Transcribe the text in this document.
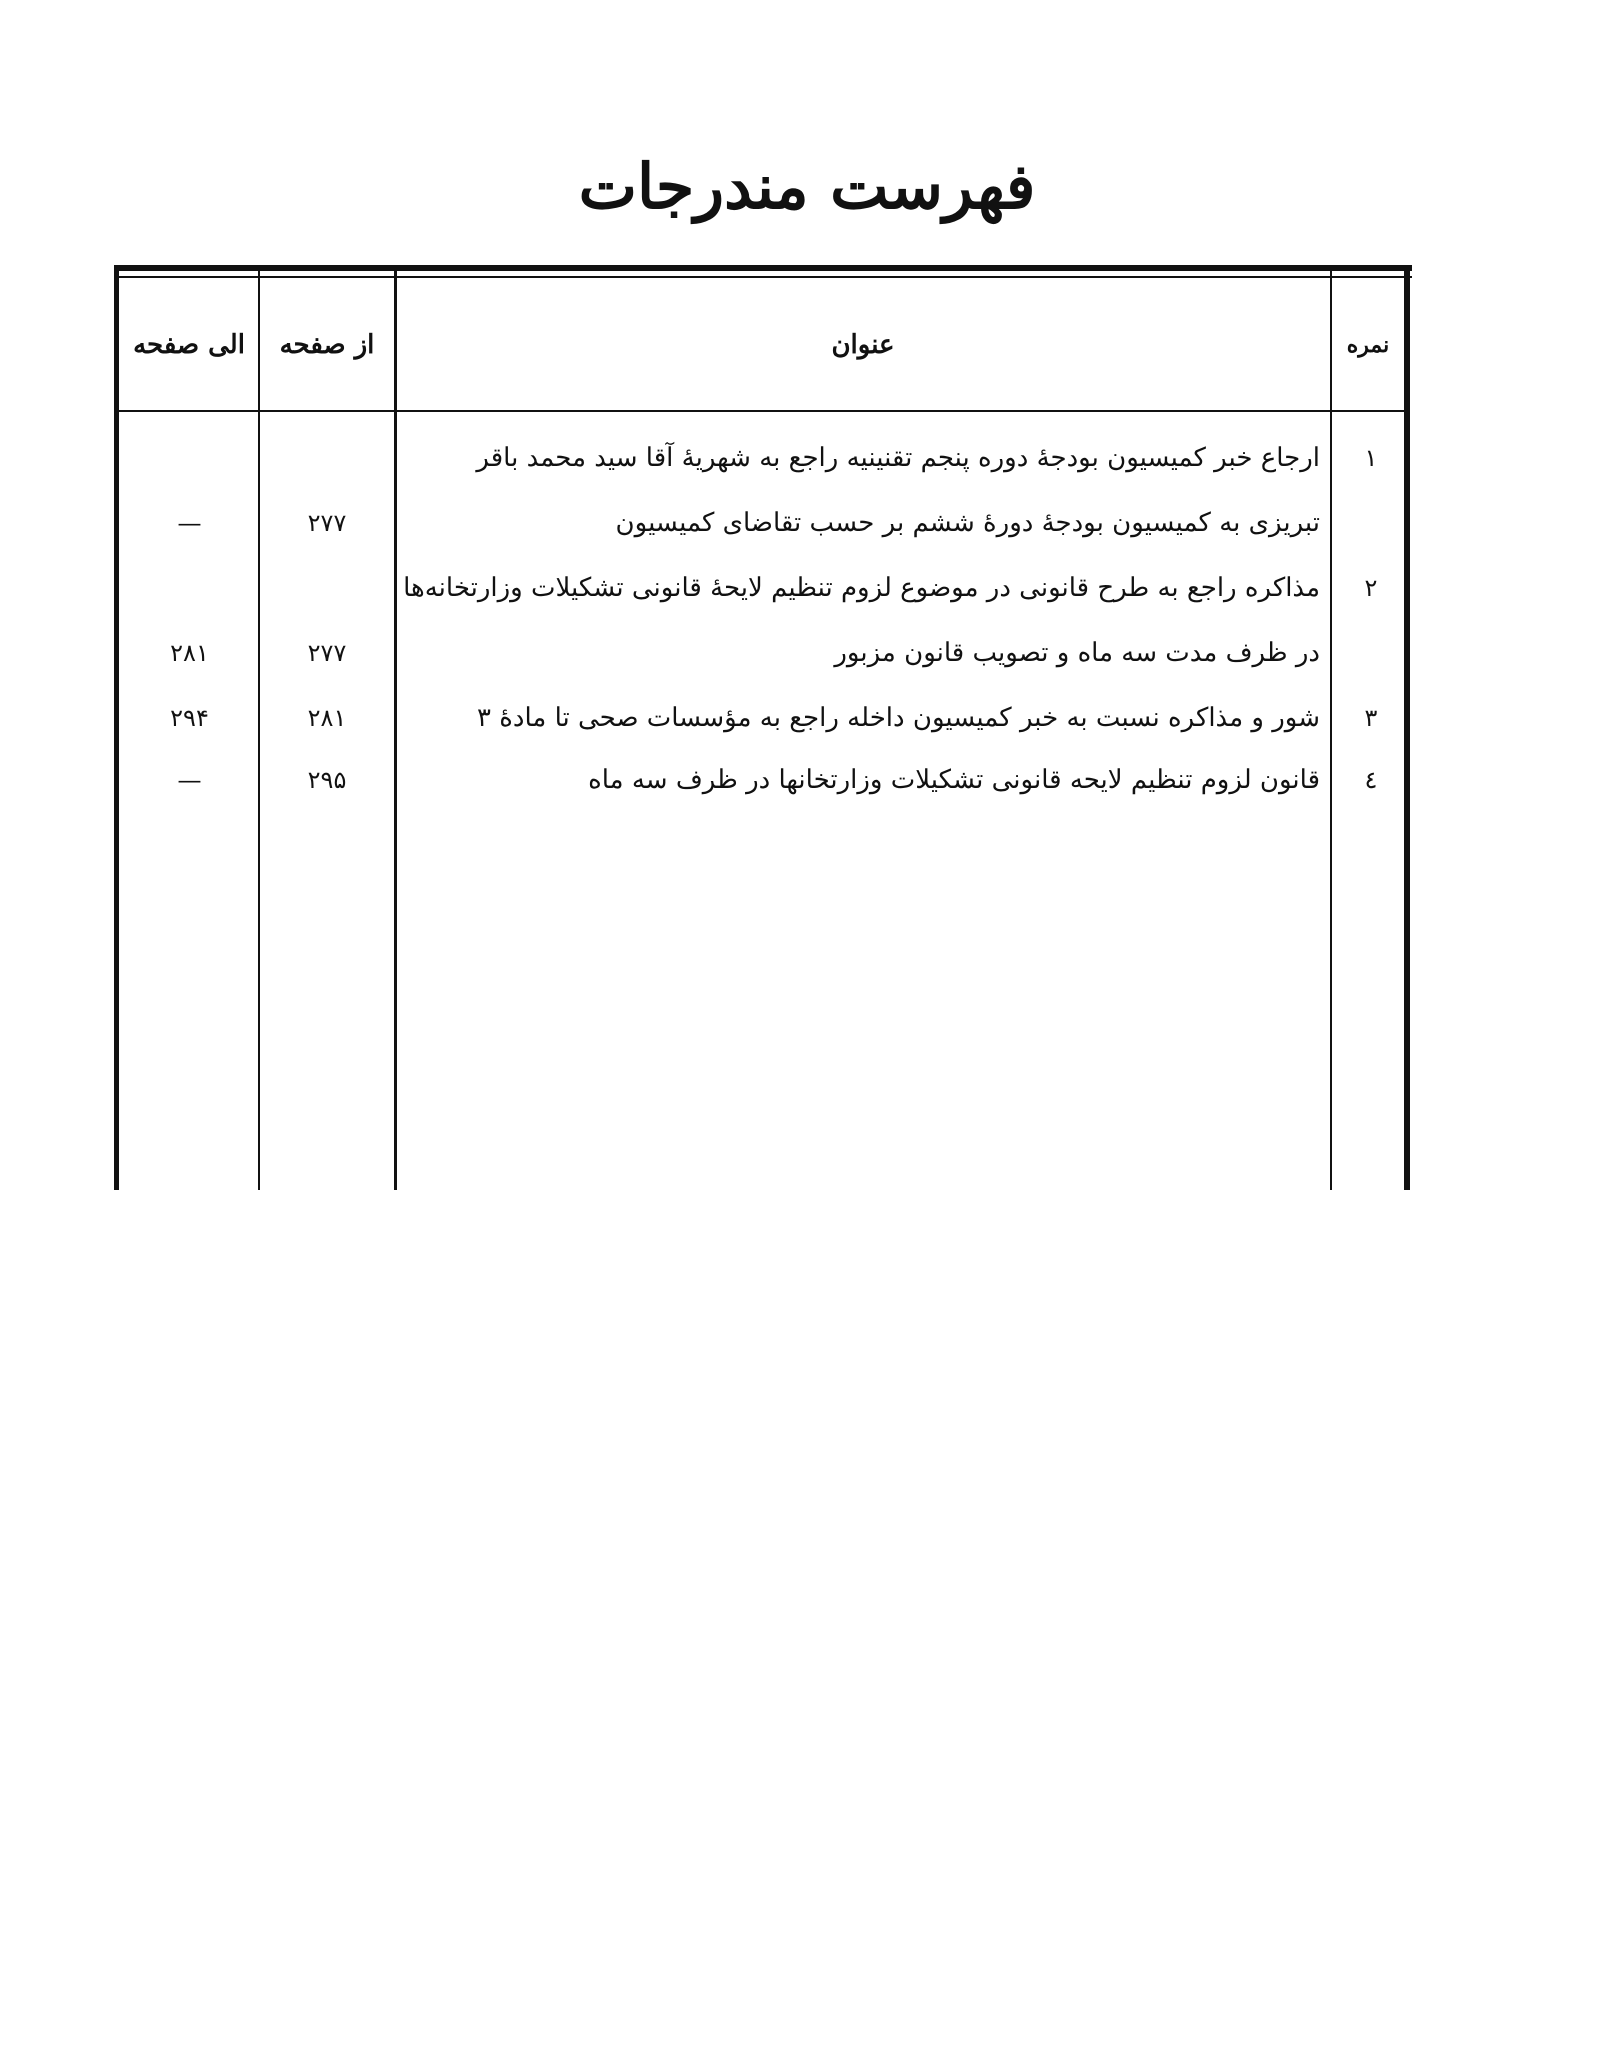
فهرست مندرجات
نمره
عنوان
از صفحه
الی صفحه
۱
ارجاع خبر کمیسیون بودجهٔ دوره پنجم تقنینیه راجع به شهریهٔ آقا سید محمد باقر
تبریزی به کمیسیون بودجهٔ دورهٔ ششم بر حسب تقاضای کمیسیون
۲۷۷
—
۲
مذاکره راجع به طرح قانونی در موضوع لزوم تنظیم لایحهٔ قانونی تشکیلات وزارتخانه‌ها
در ظرف مدت سه ماه و تصویب قانون مزبور
۲۷۷
۲۸۱
۳
شور و مذاکره نسبت به خبر کمیسیون داخله راجع به مؤسسات صحی تا مادهٔ ۳
۲۸۱
۲۹۴
٤
قانون لزوم تنظیم لایحه قانونی تشکیلات وزارتخانها در ظرف سه ماه
۲۹۵
—
